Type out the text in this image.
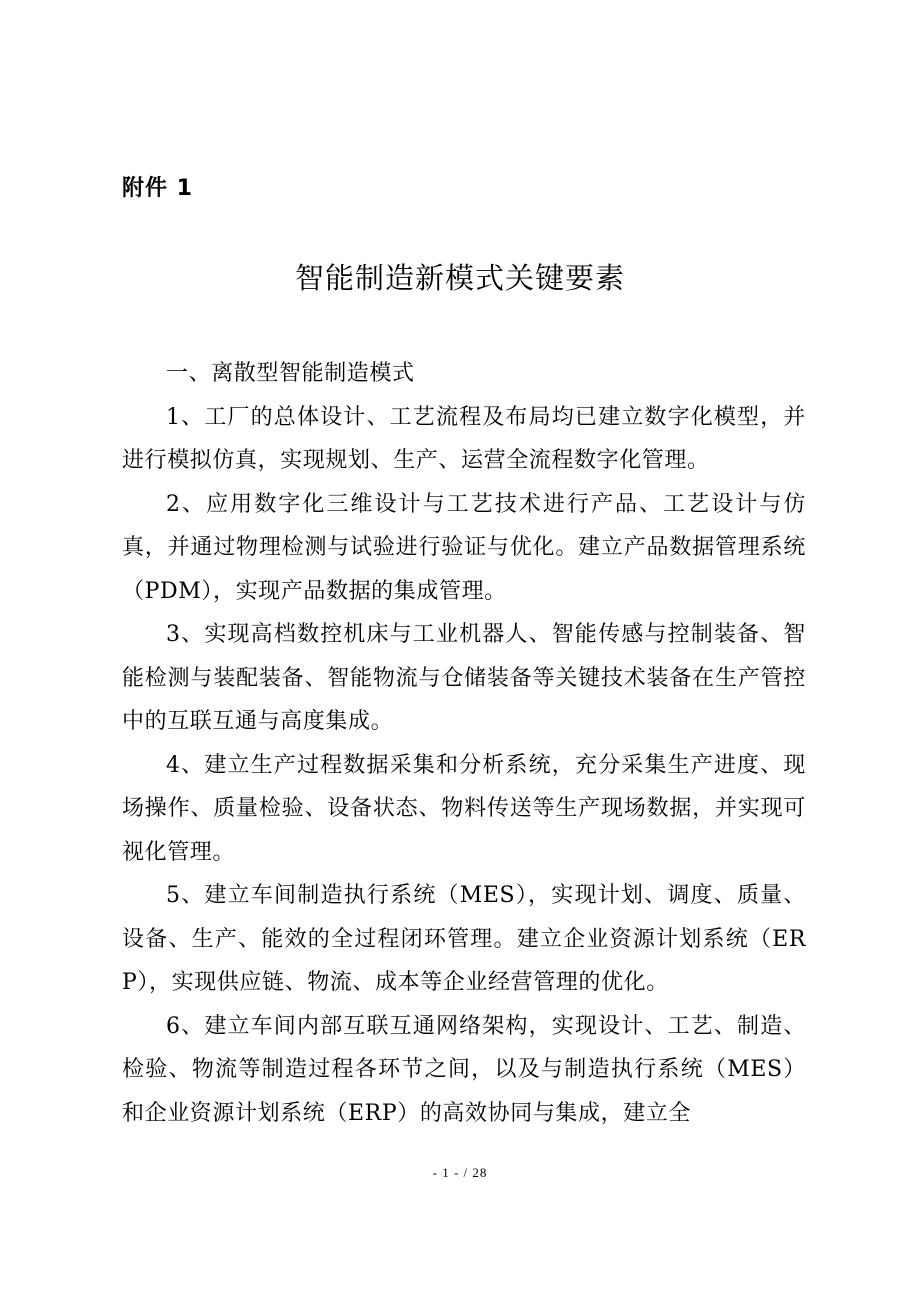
附件 1
智能制造新模式关键要素

一、离散型智能制造模式

1、工厂的总体设计、工艺流程及布局均已建立数字化模型，并进行模拟仿真，实现规划、生产、运营全流程数字化管理。

2、应用数字化三维设计与工艺技术进行产品、工艺设计与仿真，并通过物理检测与试验进行验证与优化。建立产品数据管理系统（PDM），实现产品数据的集成管理。

3、实现高档数控机床与工业机器人、智能传感与控制装备、智能检测与装配装备、智能物流与仓储装备等关键技术装备在生产管控中的互联互通与高度集成。

4、建立生产过程数据采集和分析系统，充分采集生产进度、现场操作、质量检验、设备状态、物料传送等生产现场数据，并实现可视化管理。

5、建立车间制造执行系统（MES），实现计划、调度、质量、设备、生产、能效的全过程闭环管理。建立企业资源计划系统（ERP），实现供应链、物流、成本等企业经营管理的优化。

6、建立车间内部互联互通网络架构，实现设计、工艺、制造、检验、物流等制造过程各环节之间，以及与制造执行系统（MES）和企业资源计划系统（ERP）的高效协同与集成，建立全

- 1 - / 28
